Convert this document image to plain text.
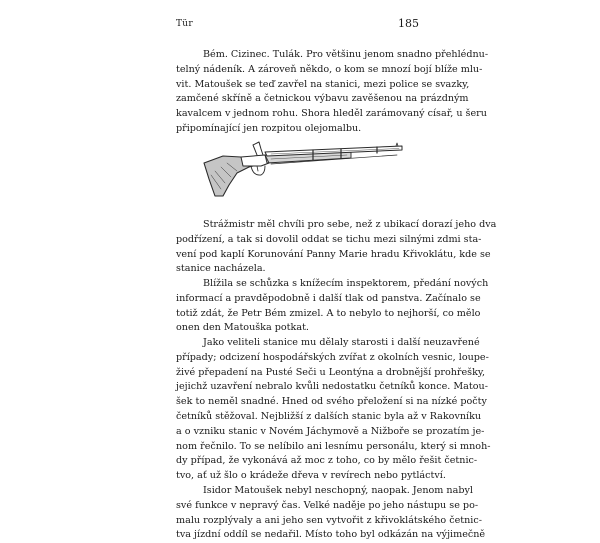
Tür	185
Bém. Cizinec. Tulák. Pro většinu jenom snadno přehlédnu-
telný nádeník. A zároveň někdo, o kom se mnozí bojí blíže mlu-
vit. Matoušek se teď zavřel na stanici, mezi police se svazky,
zamčené skříně a četnickou výbavu zavěšenou na prázdným
kavalcem v jednom rohu. Shora hleděl zarámovaný císař, u šeru
připomínající jen rozpitou olejomalbu.
Strážmistr měl chvíli pro sebe, než z ubikací dorazí jeho dva
podřízení, a tak si dovolil oddat se tichu mezi silnými zdmi sta-
vení pod kaplí Korunování Panny Marie hradu Křivoklátu, kde se
stanice nacházela.
Blížila se schůzka s knížecím inspektorem, předání nových
informací a pravděpodobně i další tlak od panstva. Začínalo se
totiž zdát, že Petr Bém zmizel. A to nebylo to nejhorší, co mělo
onen den Matouška potkat.
Jako veliteli stanice mu dělaly starosti i další neuzavřené
případy; odcizení hospodářských zvířat z okolních vesnic, loupe-
živé přepadení na Pusté Seči u Leontýna a drobnější prohřešky,
jejichž uzavření nebralo kvůli nedostatku četníků konce. Matou-
šek to neměl snadné. Hned od svého přeložení si na nízké počty
četníků stěžoval. Nejbližší z dalších stanic byla až v Rakovníku
a o vzniku stanic v Novém Jáchymově a Nižboře se prozatím je-
nom řečnilo. To se nelíbilo ani lesnímu personálu, který si mnoh-
dy případ, že vykonává až moc z toho, co by mělo řešit četnic-
tvo, ať už šlo o krádeže dřeva v revírech nebo pytláctví.
Isidor Matoušek nebyl neschopný, naopak. Jenom nabyl
své funkce v nepravý čas. Velké naděje po jeho nástupu se po-
malu rozplývaly a ani jeho sen vytvořit z křivoklátského četnic-
tva jízdní oddíl se nedařil. Místo toho byl odkázán na výjimečně
